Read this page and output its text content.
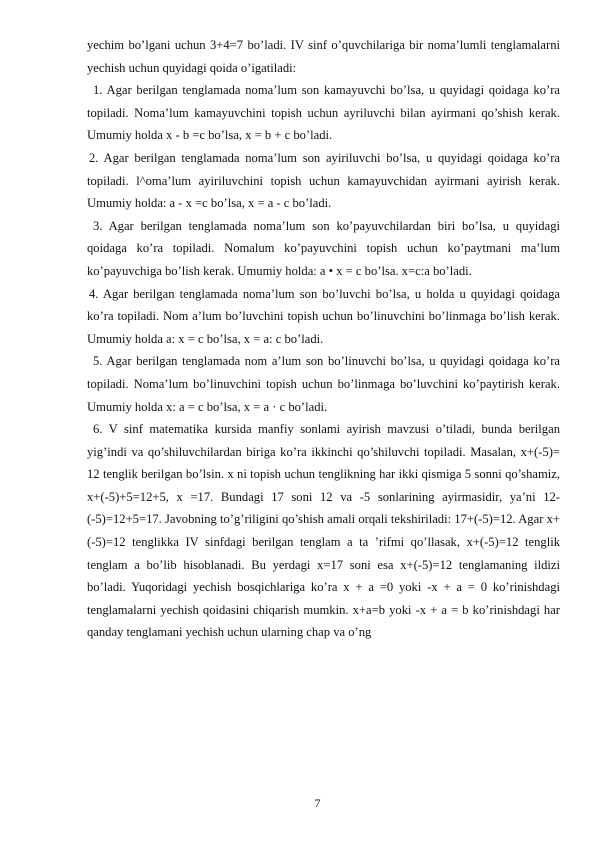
yechim bo’lgani uchun 3+4=7 bo’ladi. IV sinf o’quvchilariga bir noma’lumli tenglamalarni yechish uchun quyidagi qoida o’igatiladi:

1. Agar berilgan tenglamada noma’lum son kamayuvchi bo’lsa, u quyidagi qoidaga ko’ra topiladi. Noma’lum kamayuvchini topish uchun ayriluvchi bilan ayirmani qo’shish kerak. Umumiy holda x - b =c bo’lsa, x = b + c bo’ladi.

2. Agar berilgan tenglamada noma’lum son ayiriluvchi bo’lsa, u quyidagi qoidaga ko’ra topiladi. l^oma’lum ayiriluvchini topish uchun kamayuvchidan ayirmani ayirish kerak. Umumiy holda: a - x =c bo’lsa, x = a - c bo’ladi.

3. Agar berilgan tenglamada noma’lum son ko’payuvchilardan biri bo’lsa, u quyidagi qoidaga ko’ra topiladi. Nomalum ko’payuvchini topish uchun ko’paytmani ma’lum ko’payuvchiga bo’lish kerak. Umumiy holda: a • x = c bo’lsa. x=c:a bo’ladi.

4. Agar berilgan tenglamada noma’lum son bo’luvchi bo’lsa, u holda u quyidagi qoidaga ko’ra topiladi. Nom a’lum bo’luvchini topish uchun bo’linuvchini bo’linmaga bo’lish kerak. Umumiy holda a: x = c bo’lsa, x = a: c bo’ladi.

5. Agar berilgan tenglamada nom a’lum son bo’linuvchi bo’lsa, u quyidagi qoidaga ko’ra topiladi. Noma’lum bo’linuvchini topish uchun bo’linmaga bo’luvchini ko’paytirish kerak. Umumiy holda x: a = c bo’lsa, x = a · c bo’ladi.

6. V sinf matematika kursida manfiy sonlami ayirish mavzusi o’tiladi, bunda berilgan yig’indi va qo’shiluvchilardan biriga ko’ra ikkinchi qo’shiluvchi topiladi. Masalan, x+(-5)= 12 tenglik berilgan bo’lsin. x ni topish uchun tenglikning har ikki qismiga 5 sonni qo’shamiz, x+(-5)+5=12+5, x =17. Bundagi 17 soni 12 va -5 sonlarining ayirmasidir, ya’ni 12-(-5)=12+5=17. Javobning to’g’riligini qo’shish amali orqali tekshiriladi: 17+(-5)=12. Agar x+(-5)=12 tenglikka IV sinfdagi berilgan tenglam a ta ’rifmi qo’llasak, x+(-5)=12 tenglik tenglam a bo’lib hisoblanadi. Bu yerdagi x=17 soni esa x+(-5)=12 tenglamaning ildizi bo’ladi. Yuqoridagi yechish bosqichlariga ko’ra x + a =0 yoki -x + a = 0 ko’rinishdagi tenglamalarni yechish qoidasini chiqarish mumkin. x+a=b yoki -x + a = b ko’rinishdagi har qanday tenglamani yechish uchun ularning chap va o’ng

7
